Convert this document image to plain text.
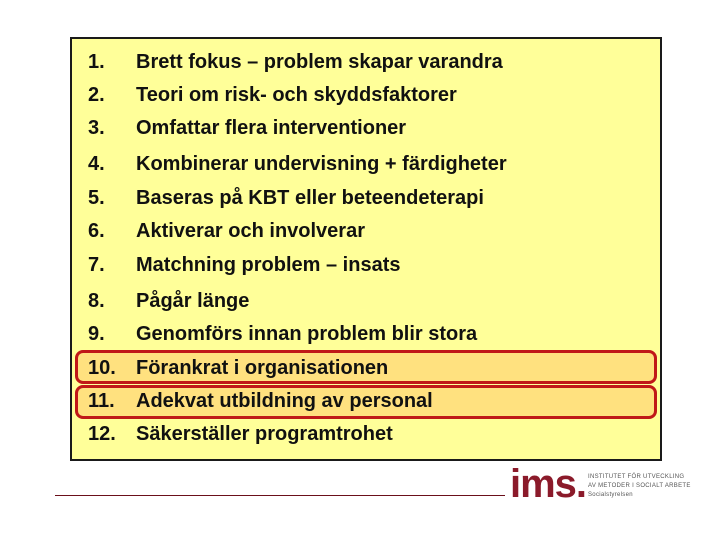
1.	Brett fokus – problem skapar varandra
2.	Teori om risk- och skyddsfaktorer
3.	Omfattar flera interventioner
4.	Kombinerar undervisning + färdigheter
5.	Baseras på KBT eller beteendeterapi
6.	Aktiverar och involverar
7.	Matchning problem – insats
8.	Pågår länge
9.	Genomförs innan problem blir stora
10.	Förankrat i organisationen
11.	Adekvat utbildning av personal
12.	Säkerställer programtrohet
ims. INSTITUTET FÖR UTVECKLING
AV METODER I SOCIALT ARBETE
Socialstyrelsen
